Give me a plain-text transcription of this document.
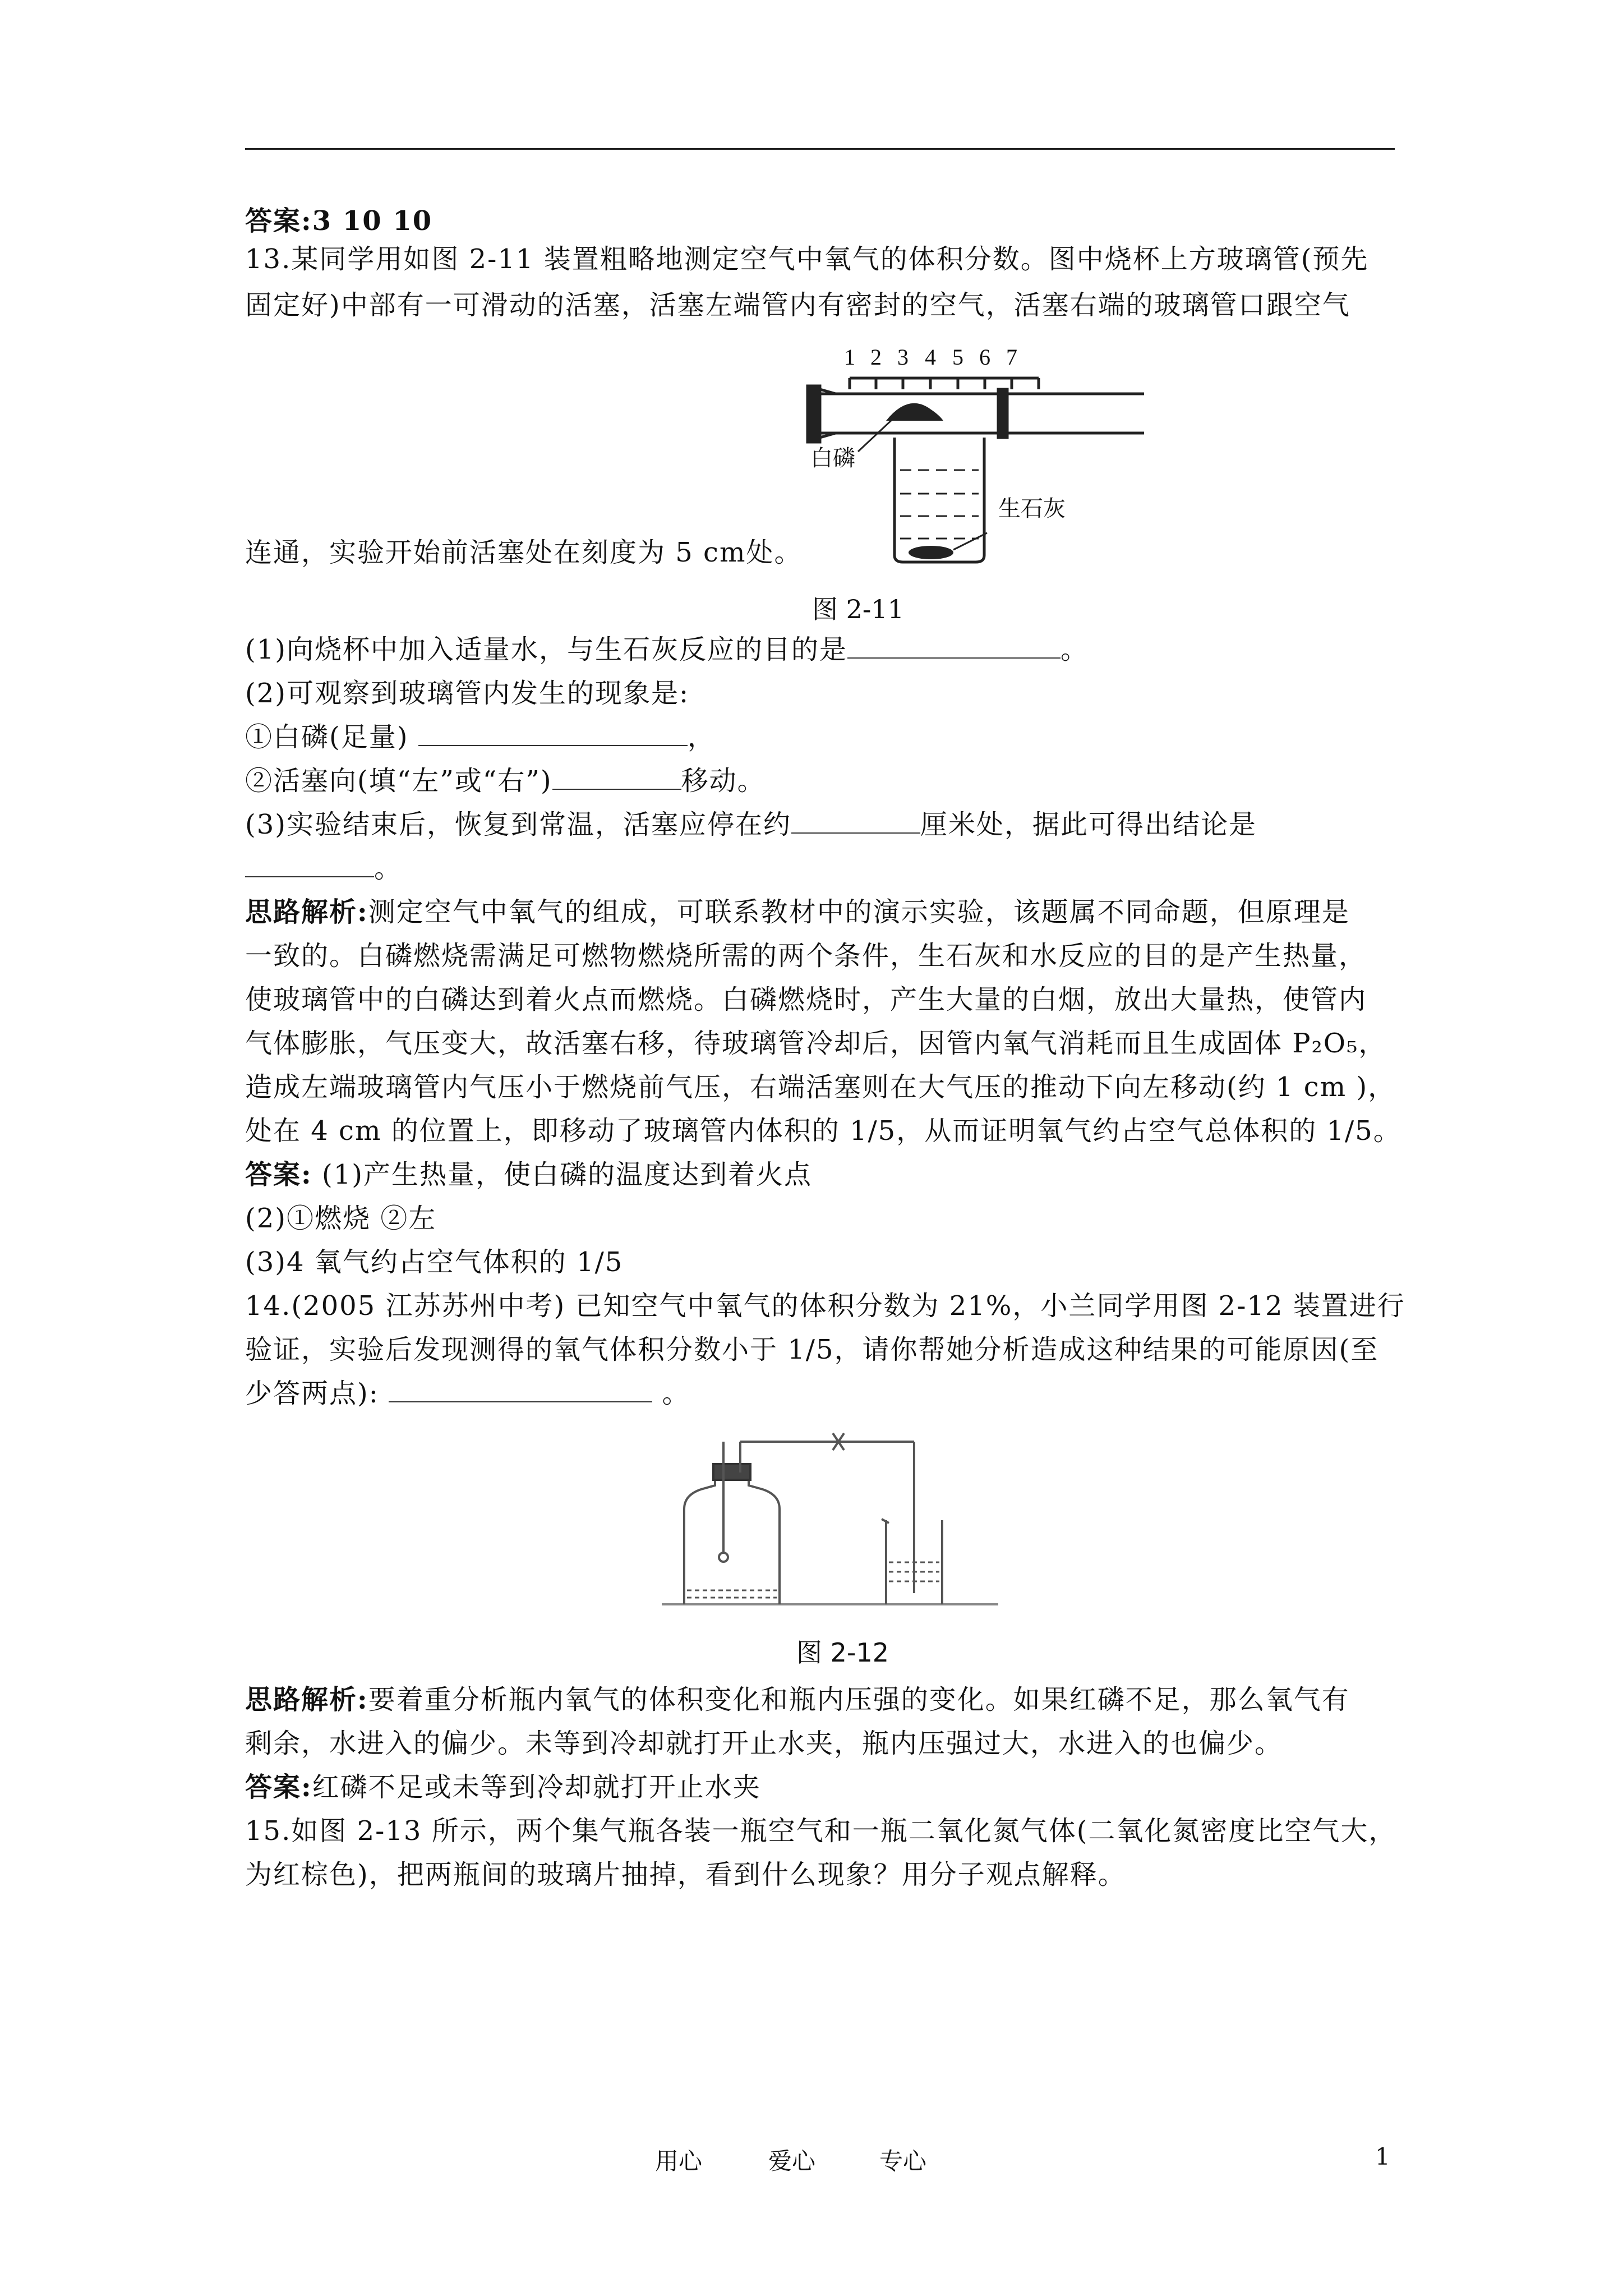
答案:3 10 10
13.某同学用如图 2-11 装置粗略地测定空气中氧气的体积分数。图中烧杯上方玻璃管(预先
固定好)中部有一可滑动的活塞，活塞左端管内有密封的空气，活塞右端的玻璃管口跟空气
1 2 3 4 5 6 7
白磷
生石灰
连通，实验开始前活塞处在刻度为 5 cm处。
图 2-11
(1)向烧杯中加入适量水，与生石灰反应的目的是	。
(2)可观察到玻璃管内发生的现象是:
①白磷(足量)	，
②活塞向(填“左”或“右”)	移动。
(3)实验结束后，恢复到常温，活塞应停在约	厘米处，据此可得出结论是
。
思路解析:测定空气中氧气的组成，可联系教材中的演示实验，该题属不同命题，但原理是
一致的。白磷燃烧需满足可燃物燃烧所需的两个条件，生石灰和水反应的目的是产生热量，
使玻璃管中的白磷达到着火点而燃烧。白磷燃烧时，产生大量的白烟，放出大量热，使管内
气体膨胀，气压变大，故活塞右移，待玻璃管冷却后，因管内氧气消耗而且生成固体 P₂O₅，
造成左端玻璃管内气压小于燃烧前气压，右端活塞则在大气压的推动下向左移动(约 1 cm )，
处在 4 cm 的位置上，即移动了玻璃管内体积的 1/5，从而证明氧气约占空气总体积的 1/5。
答案: (1)产生热量，使白磷的温度达到着火点
(2)①燃烧 ②左
(3)4 氧气约占空气体积的 1/5
14.(2005 江苏苏州中考) 已知空气中氧气的体积分数为 21%，小兰同学用图 2-12 装置进行
验证，实验后发现测得的氧气体积分数小于 1/5，请你帮她分析造成这种结果的可能原因(至
少答两点):	。
图 2-12
思路解析:要着重分析瓶内氧气的体积变化和瓶内压强的变化。如果红磷不足，那么氧气有
剩余，水进入的偏少。未等到冷却就打开止水夹，瓶内压强过大，水进入的也偏少。
答案:红磷不足或未等到冷却就打开止水夹
15.如图 2-13 所示，两个集气瓶各装一瓶空气和一瓶二氧化氮气体(二氧化氮密度比空气大，
为红棕色)，把两瓶间的玻璃片抽掉，看到什么现象？用分子观点解释。
用心	爱心	专心	1
